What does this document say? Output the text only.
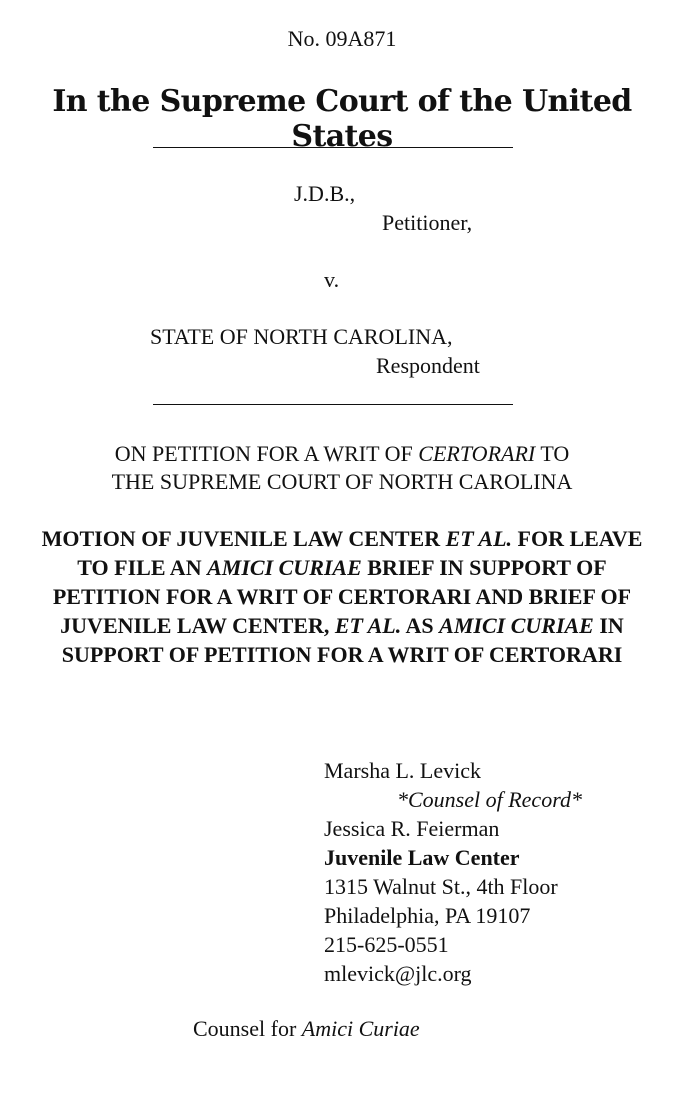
No. 09A871
In the Supreme Court of the United States
J.D.B.,
Petitioner,
v.
STATE OF NORTH CAROLINA,
Respondent
ON PETITION FOR A WRIT OF CERTORARI TO
THE SUPREME COURT OF NORTH CAROLINA
MOTION OF JUVENILE LAW CENTER ET AL. FOR LEAVE TO FILE AN AMICI CURIAE BRIEF IN SUPPORT OF PETITION FOR A WRIT OF CERTORARI AND BRIEF OF JUVENILE LAW CENTER, ET AL. AS AMICI CURIAE IN SUPPORT OF PETITION FOR A WRIT OF CERTORARI
Marsha L. Levick
*Counsel of Record*
Jessica R. Feierman
Juvenile Law Center
1315 Walnut St., 4th Floor
Philadelphia, PA 19107
215-625-0551
mlevick@jlc.org
Counsel for Amici Curiae
